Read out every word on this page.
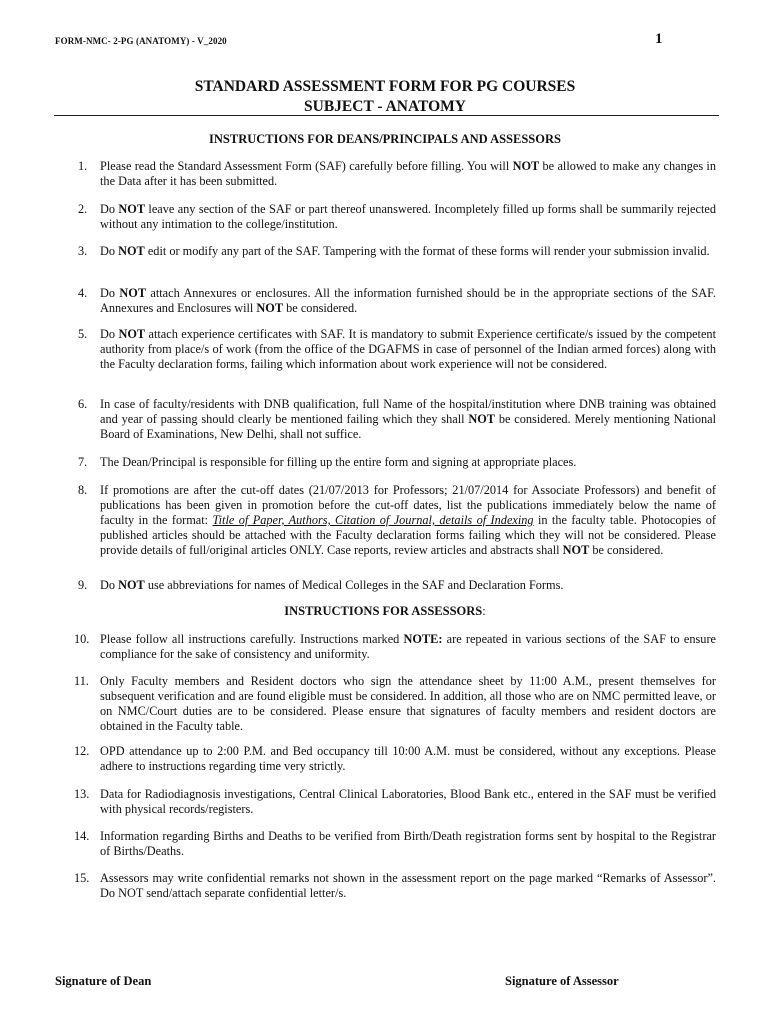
FORM-NMC- 2-PG (ANATOMY) - V_2020	1
STANDARD ASSESSMENT FORM FOR PG COURSES
SUBJECT - ANATOMY
INSTRUCTIONS FOR DEANS/PRINCIPALS AND ASSESSORS
1. Please read the Standard Assessment Form (SAF) carefully before filling. You will NOT be allowed to make any changes in the Data after it has been submitted.

2. Do NOT leave any section of the SAF or part thereof unanswered. Incompletely filled up forms shall be summarily rejected without any intimation to the college/institution.

3. Do NOT edit or modify any part of the SAF. Tampering with the format of these forms will render your submission invalid.

4. Do NOT attach Annexures or enclosures. All the information furnished should be in the appropriate sections of the SAF. Annexures and Enclosures will NOT be considered.

5. Do NOT attach experience certificates with SAF. It is mandatory to submit Experience certificate/s issued by the competent authority from place/s of work (from the office of the DGAFMS in case of personnel of the Indian armed forces) along with the Faculty declaration forms, failing which information about work experience will not be considered.

6. In case of faculty/residents with DNB qualification, full Name of the hospital/institution where DNB training was obtained and year of passing should clearly be mentioned failing which they shall NOT be considered. Merely mentioning National Board of Examinations, New Delhi, shall not suffice.

7. The Dean/Principal is responsible for filling up the entire form and signing at appropriate places.

8. If promotions are after the cut-off dates (21/07/2013 for Professors; 21/07/2014 for Associate Professors) and benefit of publications has been given in promotion before the cut-off dates, list the publications immediately below the name of faculty in the format: Title of Paper, Authors, Citation of Journal, details of Indexing in the faculty table. Photocopies of published articles should be attached with the Faculty declaration forms failing which they will not be considered. Please provide details of full/original articles ONLY. Case reports, review articles and abstracts shall NOT be considered.

9. Do NOT use abbreviations for names of Medical Colleges in the SAF and Declaration Forms.

INSTRUCTIONS FOR ASSESSORS:
10. Please follow all instructions carefully. Instructions marked NOTE: are repeated in various sections of the SAF to ensure compliance for the sake of consistency and uniformity.

11. Only Faculty members and Resident doctors who sign the attendance sheet by 11:00 A.M., present themselves for subsequent verification and are found eligible must be considered. In addition, all those who are on NMC permitted leave, or on NMC/Court duties are to be considered. Please ensure that signatures of faculty members and resident doctors are obtained in the Faculty table.

12. OPD attendance up to 2:00 P.M. and Bed occupancy till 10:00 A.M. must be considered, without any exceptions. Please adhere to instructions regarding time very strictly.

13. Data for Radiodiagnosis investigations, Central Clinical Laboratories, Blood Bank etc., entered in the SAF must be verified with physical records/registers.

14. Information regarding Births and Deaths to be verified from Birth/Death registration forms sent by hospital to the Registrar of Births/Deaths.

15. Assessors may write confidential remarks not shown in the assessment report on the page marked “Remarks of Assessor”. Do NOT send/attach separate confidential letter/s.

Signature of Dean	Signature of Assessor
